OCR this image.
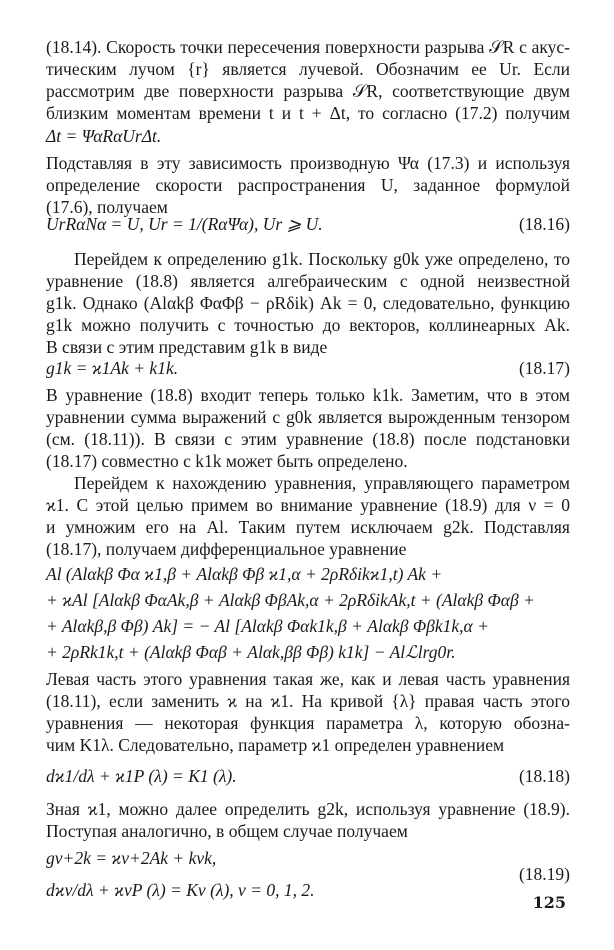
(18.14). Скорость точки пересечения поверхности разрыва 𝒮R с акус-
тическим лучом {r} является лучевой. Обозначим ее Ur. Если
рассмотрим две поверхности разрыва 𝒮R, соответствующие двум
близким моментам времени t и t + Δt, то согласно (17.2) получим
Δt = ΨαRαUrΔt.
Подставляя в эту зависимость производную Ψα (17.3) и используя
определение скорости распространения U, заданное формулой
(17.6), получаем
UrRαNα = U, Ur = 1/(RαΨα), Ur ⩾ U.	(18.16)
Перейдем к определению g1k. Поскольку g0k уже определено, то
уравнение (18.8) является алгебраическим с одной неизвестной
g1k. Однако (Alαkβ ΦαΦβ − ρRδik) Ak = 0, следовательно, функцию
g1k можно получить с точностью до векторов, коллинеарных Ak.
В связи с этим представим g1k в виде
g1k = ϰ1Ak + k1k.	(18.17)
В уравнение (18.8) входит теперь только k1k. Заметим, что в этом
уравнении сумма выражений с g0k является вырожденным тензором
(см. (18.11)). В связи с этим уравнение (18.8) после подстановки
(18.17) совместно с k1k может быть определено.
Перейдем к нахождению уравнения, управляющего параметром
ϰ1. С этой целью примем во внимание уравнение (18.9) для ν = 0
и умножим его на Al. Таким путем исключаем g2k. Подставляя
(18.17), получаем дифференциальное уравнение
Al (Alαkβ Φα ϰ1,β + Alαkβ Φβ ϰ1,α + 2ρRδikϰ1,t) Ak +
+ ϰAl [Alαkβ ΦαAk,β + Alαkβ ΦβAk,α + 2ρRδikAk,t + (Alαkβ Φαβ +
+ Alαkβ,β Φβ) Ak] = − Al [Alαkβ Φαk1k,β + Alαkβ Φβk1k,α +
+ 2ρRk1k,t + (Alαkβ Φαβ + Alαk,ββ Φβ) k1k] − Alℒlrg0r.
Левая часть этого уравнения такая же, как и левая часть уравнения
(18.11), если заменить ϰ на ϰ1. На кривой {λ} правая часть этого
уравнения — некоторая функция параметра λ, которую обозна-
чим K1λ. Следовательно, параметр ϰ1 определен уравнением
dϰ1/dλ + ϰ1P (λ) = K1 (λ).	(18.18)
Зная ϰ1, можно далее определить g2k, используя уравнение (18.9).
Поступая аналогично, в общем случае получаем
gν+2k = ϰν+2Ak + kνk,
dϰν/dλ + ϰνP (λ) = Kν (λ), ν = 0, 1, 2.
(18.19)
125
